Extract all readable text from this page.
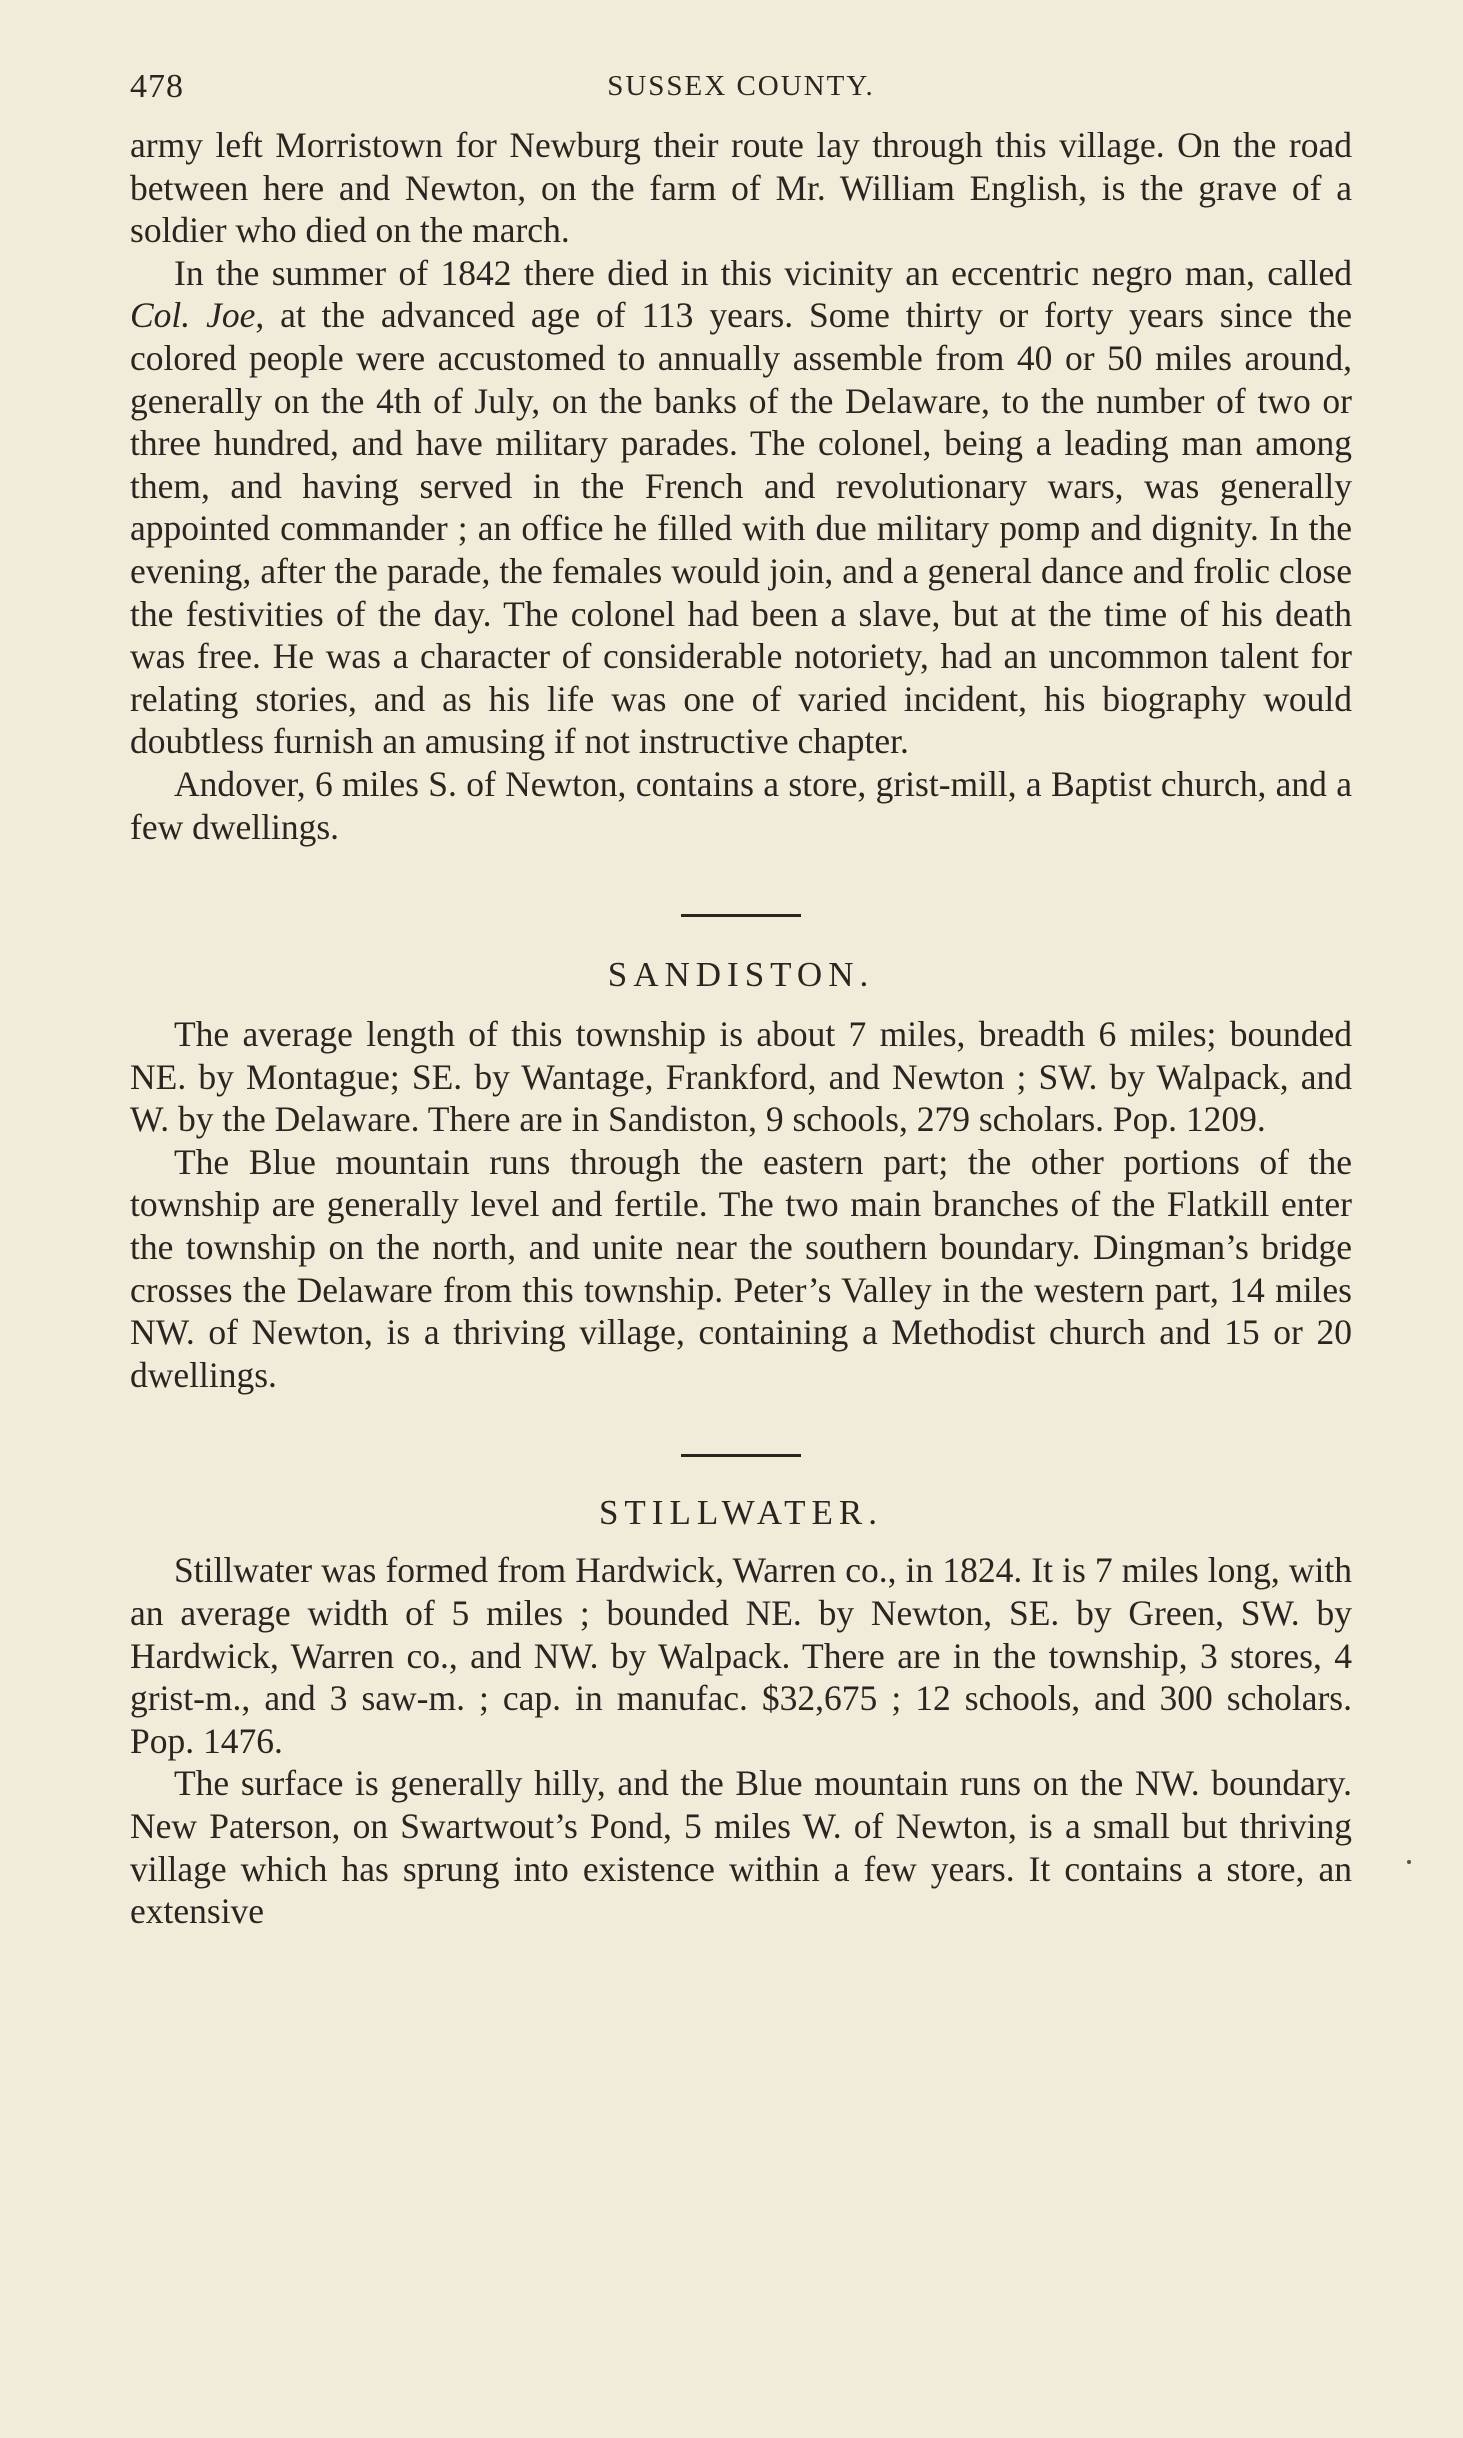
478	SUSSEX COUNTY.

army left Morristown for Newburg their route lay through this village. On the road between here and Newton, on the farm of Mr. William English, is the grave of a soldier who died on the march.

In the summer of 1842 there died in this vicinity an eccentric negro man, called Col. Joe, at the advanced age of 113 years. Some thirty or forty years since the colored people were accustomed to annually assemble from 40 or 50 miles around, generally on the 4th of July, on the banks of the Delaware, to the number of two or three hundred, and have military parades. The colonel, being a leading man among them, and having served in the French and revolutionary wars, was generally appointed commander ; an office he filled with due military pomp and dignity. In the evening, after the parade, the females would join, and a general dance and frolic close the festivities of the day. The colonel had been a slave, but at the time of his death was free. He was a character of considerable notoriety, had an uncommon talent for relating stories, and as his life was one of varied incident, his biography would doubtless furnish an amusing if not instructive chapter.

Andover, 6 miles S. of Newton, contains a store, grist-mill, a Baptist church, and a few dwellings.

SANDISTON.

The average length of this township is about 7 miles, breadth 6 miles; bounded NE. by Montague; SE. by Wantage, Frankford, and Newton ; SW. by Walpack, and W. by the Delaware. There are in Sandiston, 9 schools, 279 scholars. Pop. 1209.

The Blue mountain runs through the eastern part; the other portions of the township are generally level and fertile. The two main branches of the Flatkill enter the township on the north, and unite near the southern boundary. Dingman’s bridge crosses the Delaware from this township. Peter’s Valley in the western part, 14 miles NW. of Newton, is a thriving village, containing a Methodist church and 15 or 20 dwellings.

STILLWATER.

Stillwater was formed from Hardwick, Warren co., in 1824. It is 7 miles long, with an average width of 5 miles ; bounded NE. by Newton, SE. by Green, SW. by Hardwick, Warren co., and NW. by Walpack. There are in the township, 3 stores, 4 grist-m., and 3 saw-m. ; cap. in manufac. $32,675 ; 12 schools, and 300 scholars. Pop. 1476.

The surface is generally hilly, and the Blue mountain runs on the NW. boundary. New Paterson, on Swartwout’s Pond, 5 miles W. of Newton, is a small but thriving village which has sprung into existence within a few years. It contains a store, an extensive
